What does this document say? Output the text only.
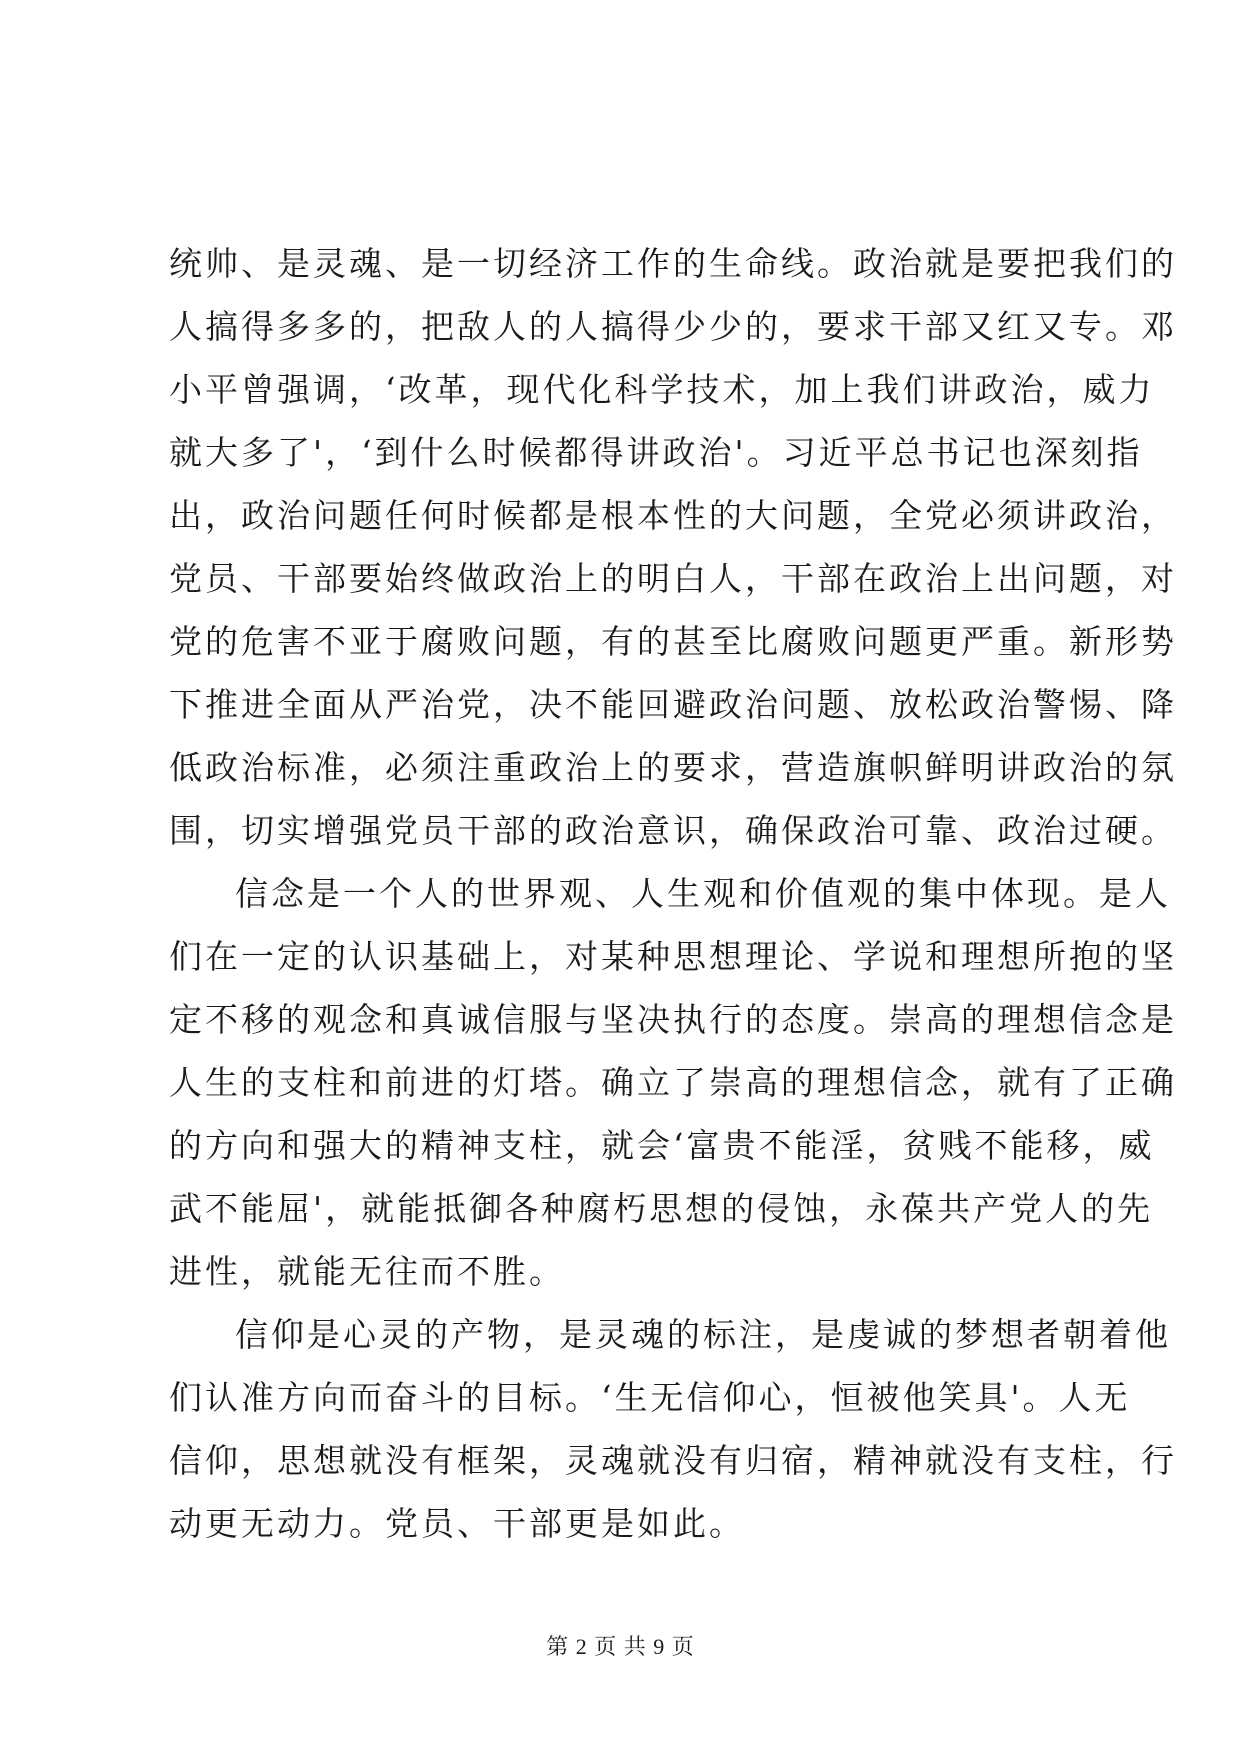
统帅、是灵魂、是一切经济工作的生命线。政治就是要把我们的
人搞得多多的，把敌人的人搞得少少的，要求干部又红又专。邓
小平曾强调，‘改革，现代化科学技术，加上我们讲政治，威力
就大多了'，‘到什么时候都得讲政治'。习近平总书记也深刻指
出，政治问题任何时候都是根本性的大问题，全党必须讲政治，
党员、干部要始终做政治上的明白人，干部在政治上出问题，对
党的危害不亚于腐败问题，有的甚至比腐败问题更严重。新形势
下推进全面从严治党，决不能回避政治问题、放松政治警惕、降
低政治标准，必须注重政治上的要求，营造旗帜鲜明讲政治的氛
围，切实增强党员干部的政治意识，确保政治可靠、政治过硬。
信念是一个人的世界观、人生观和价值观的集中体现。是人
们在一定的认识基础上，对某种思想理论、学说和理想所抱的坚
定不移的观念和真诚信服与坚决执行的态度。崇高的理想信念是
人生的支柱和前进的灯塔。确立了崇高的理想信念，就有了正确
的方向和强大的精神支柱，就会‘富贵不能淫，贫贱不能移，威
武不能屈'，就能抵御各种腐朽思想的侵蚀，永葆共产党人的先
进性，就能无往而不胜。
信仰是心灵的产物，是灵魂的标注，是虔诚的梦想者朝着他
们认准方向而奋斗的目标。‘生无信仰心，恒被他笑具'。人无
信仰，思想就没有框架，灵魂就没有归宿，精神就没有支柱，行
动更无动力。党员、干部更是如此。
第 2 页 共 9 页
